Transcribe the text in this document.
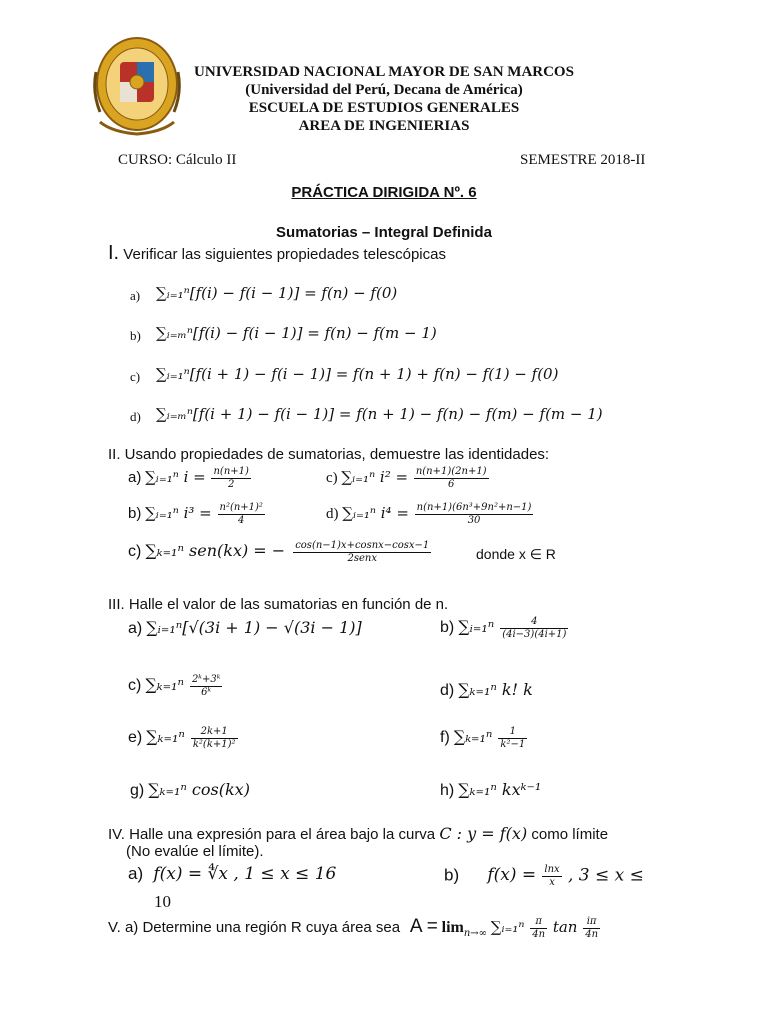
UNIVERSIDAD NACIONAL MAYOR DE SAN MARCOS
(Universidad del Perú, Decana de América)
ESCUELA DE ESTUDIOS GENERALES
AREA DE INGENIERIAS
CURSO: Cálculo II	SEMESTRE 2018-II
PRÁCTICA DIRIGIDA Nº. 6
Sumatorias – Integral Definida
I. Verificar las siguientes propiedades telescópicas
a) ∑ᵢ₌₁ⁿ[f(i) − f(i − 1)] = f(n) − f(0)
b) ∑ᵢ₌ₘⁿ[f(i) − f(i − 1)] = f(n) − f(m − 1)
c) ∑ᵢ₌₁ⁿ[f(i + 1) − f(i − 1)] = f(n + 1) + f(n) − f(1) − f(0)
d) ∑ᵢ₌ₘⁿ[f(i + 1) − f(i − 1)] = f(n + 1) − f(n) − f(m) − f(m − 1)
II. Usando propiedades de sumatorias, demuestre las identidades:
a) ∑ᵢ₌₁ⁿ $i = \frac{n(n+1)}{2}$	c) ∑ᵢ₌₁ⁿ $i^2 = \frac{n(n+1)(2n+1)}{6}$
b) ∑ᵢ₌₁ⁿ $i^3 = \frac{\text{n²(n+1)²}}{4}$	d) ∑ᵢ₌₁ⁿ $i^4 = \frac{\text{n(n+1)(6n³+9n²+n−1)}}{30}$
c) ∑ₖ₌₁ⁿ sen(kx) = − $\frac{\text{cos(n−1)x+cosnx−cosx−1}}{\text{2senx}}$	donde x ∈ R
III. Halle el valor de las sumatorias en función de n.
a) ∑ᵢ₌₁ⁿ[√(3i + 1) − √(3i − 1)]	b) ∑ᵢ₌₁ⁿ $\frac{4}{(4i-3)(4i+1)}$
c) $\sum_{k=1}^n \frac{\text{2ᵏ+3ᵏ}}{\text{6ᵏ}}$	d) ∑ₖ₌₁ⁿ k! k
e) $\sum_{k=1}^n \frac{2k+1}{\text{k²(k+1)²}}$	f) $\sum_{k=1}^n \frac{1}{\text{k²−1}}$
g) ∑ₖ₌₁ⁿ cos(kx)	h) ∑ₖ₌₁ⁿ kxᵏ⁻¹
IV. Halle una expresión para el área bajo la curva C : y = f(x) como límite
(No evalúe el límite).
a) f(x) = ∜x , 1 ≤ x ≤ 16	b) $f(x) = \frac{\ln x}{x}$ , 3 ≤ x ≤
10
V. a) Determine una región R cuya área sea $A = \lim_{n\to\infty}$ ∑ᵢ₌₁ⁿ $\frac{\pi}{4n}$ $\tan \frac{i\pi}{4n}$
